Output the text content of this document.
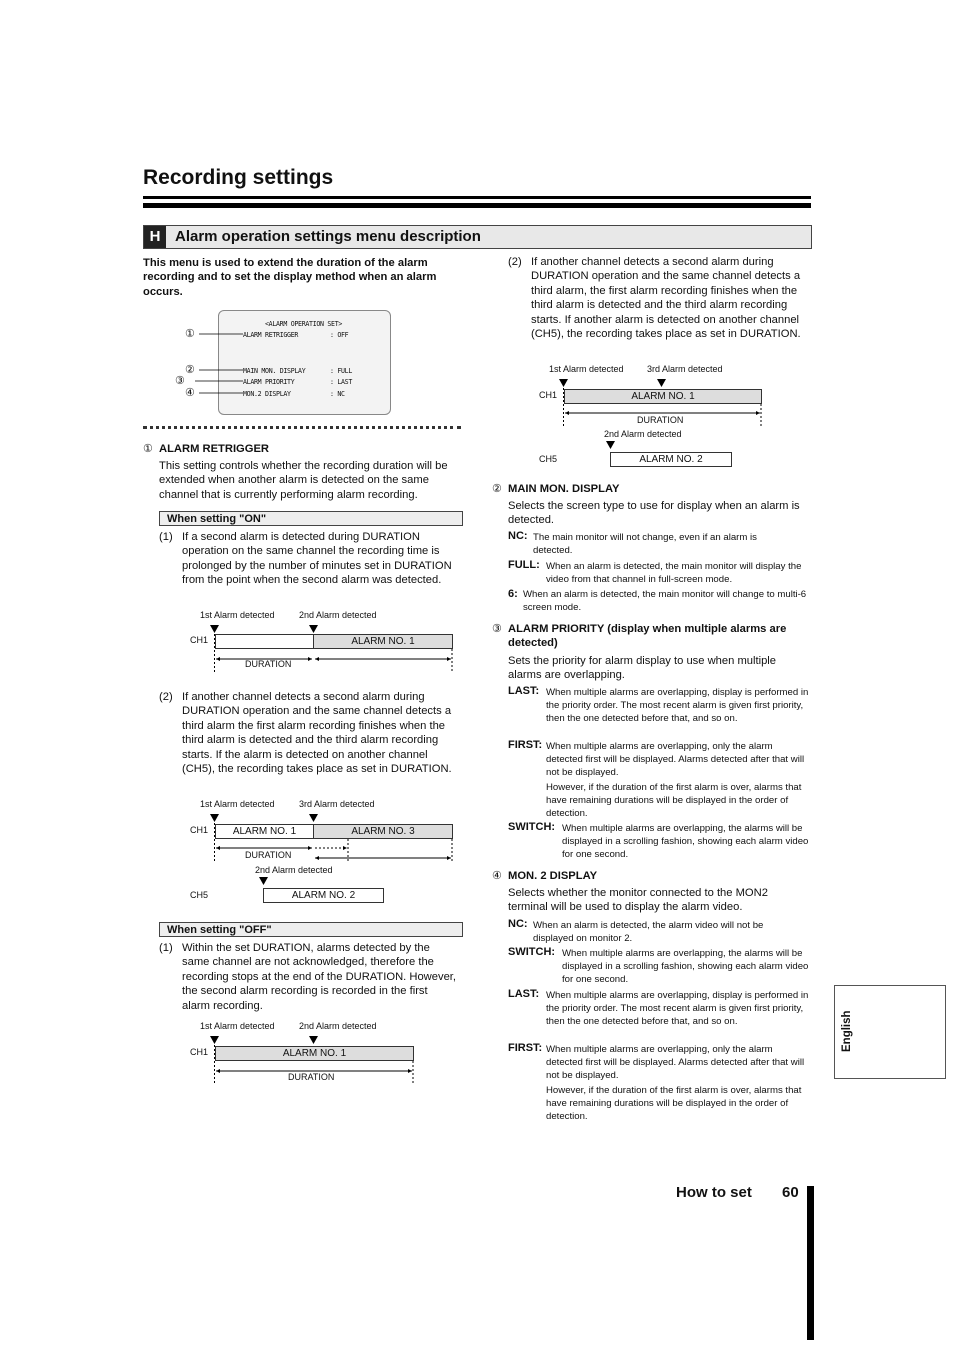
Recording settings
H Alarm operation settings menu description
This menu is used to extend the duration of the alarm recording and to set the display method when an alarm occurs.
<ALARM OPERATION SET>
ALARM RETRIGGER	: OFF
MAIN MON. DISPLAY	: FULL
ALARM PRIORITY	: LAST
MON.2 DISPLAY	: NC
①
②
③
④
① ALARM RETRIGGER
This setting controls whether the recording duration will be extended when another alarm is detected on the same channel that is currently performing alarm recording.
When setting "ON"
(1) If a second alarm is detected during DURATION operation on the same channel the recording time is prolonged by the number of minutes set in DURATION from the point when the second alarm was detected.
1st Alarm detected	2nd Alarm detected
CH1	ALARM NO. 1
DURATION
(2) If another channel detects a second alarm during DURATION operation and the same channel detects a third alarm the first alarm recording finishes when the third alarm is detected and the third alarm recording starts. If the alarm is detected on another channel (CH5), the recording takes place as set in DURATION.
1st Alarm detected	3rd Alarm detected
CH1	ALARM NO. 1	ALARM NO. 3
DURATION
2nd Alarm detected
CH5	ALARM NO. 2
When setting "OFF"
(1) Within the set DURATION, alarms detected by the same channel are not acknowledged, therefore the recording stops at the end of the DURATION. However, the second alarm recording is recorded in the first alarm recording.
1st Alarm detected	2nd Alarm detected
CH1	ALARM NO. 1
DURATION
(2) If another channel detects a second alarm during DURATION operation and the same channel detects a third alarm, the first alarm recording finishes when the third alarm is detected and the third alarm recording starts. If another alarm is detected on another channel (CH5), the recording takes place as set in DURATION.
1st Alarm detected	3rd Alarm detected
CH1	ALARM NO. 1
DURATION
2nd Alarm detected
CH5	ALARM NO. 2
② MAIN MON. DISPLAY
Selects the screen type to use for display when an alarm is detected.
NC: The main monitor will not change, even if an alarm is detected.
FULL: When an alarm is detected, the main monitor will display the video from that channel in full-screen mode.
6: When an alarm is detected, the main monitor will change to multi-6 screen mode.
③ ALARM PRIORITY (display when multiple alarms are detected)
Sets the priority for alarm display to use when multiple alarms are overlapping.
LAST: When multiple alarms are overlapping, display is performed in the priority order. The most recent alarm is given first priority, then the one detected before that, and so on.
FIRST: When multiple alarms are overlapping, only the alarm detected first will be displayed. Alarms detected after that will not be displayed.
However, if the duration of the first alarm is over, alarms that have remaining durations will be displayed in the order of detection.
SWITCH: When multiple alarms are overlapping, the alarms will be displayed in a scrolling fashion, showing each alarm video for one second.
④ MON. 2 DISPLAY
Selects whether the monitor connected to the MON2 terminal will be used to display the alarm video.
NC: When an alarm is detected, the alarm video will not be displayed on monitor 2.
SWITCH: When multiple alarms are overlapping, the alarms will be displayed in a scrolling fashion, showing each alarm video for one second.
LAST: When multiple alarms are overlapping, display is performed in the priority order. The most recent alarm is given first priority, then the one detected before that, and so on.
FIRST: When multiple alarms are overlapping, only the alarm detected first will be displayed. Alarms detected after that will not be displayed.
However, if the duration of the first alarm is over, alarms that have remaining durations will be displayed in the order of detection.
English
How to set 60
